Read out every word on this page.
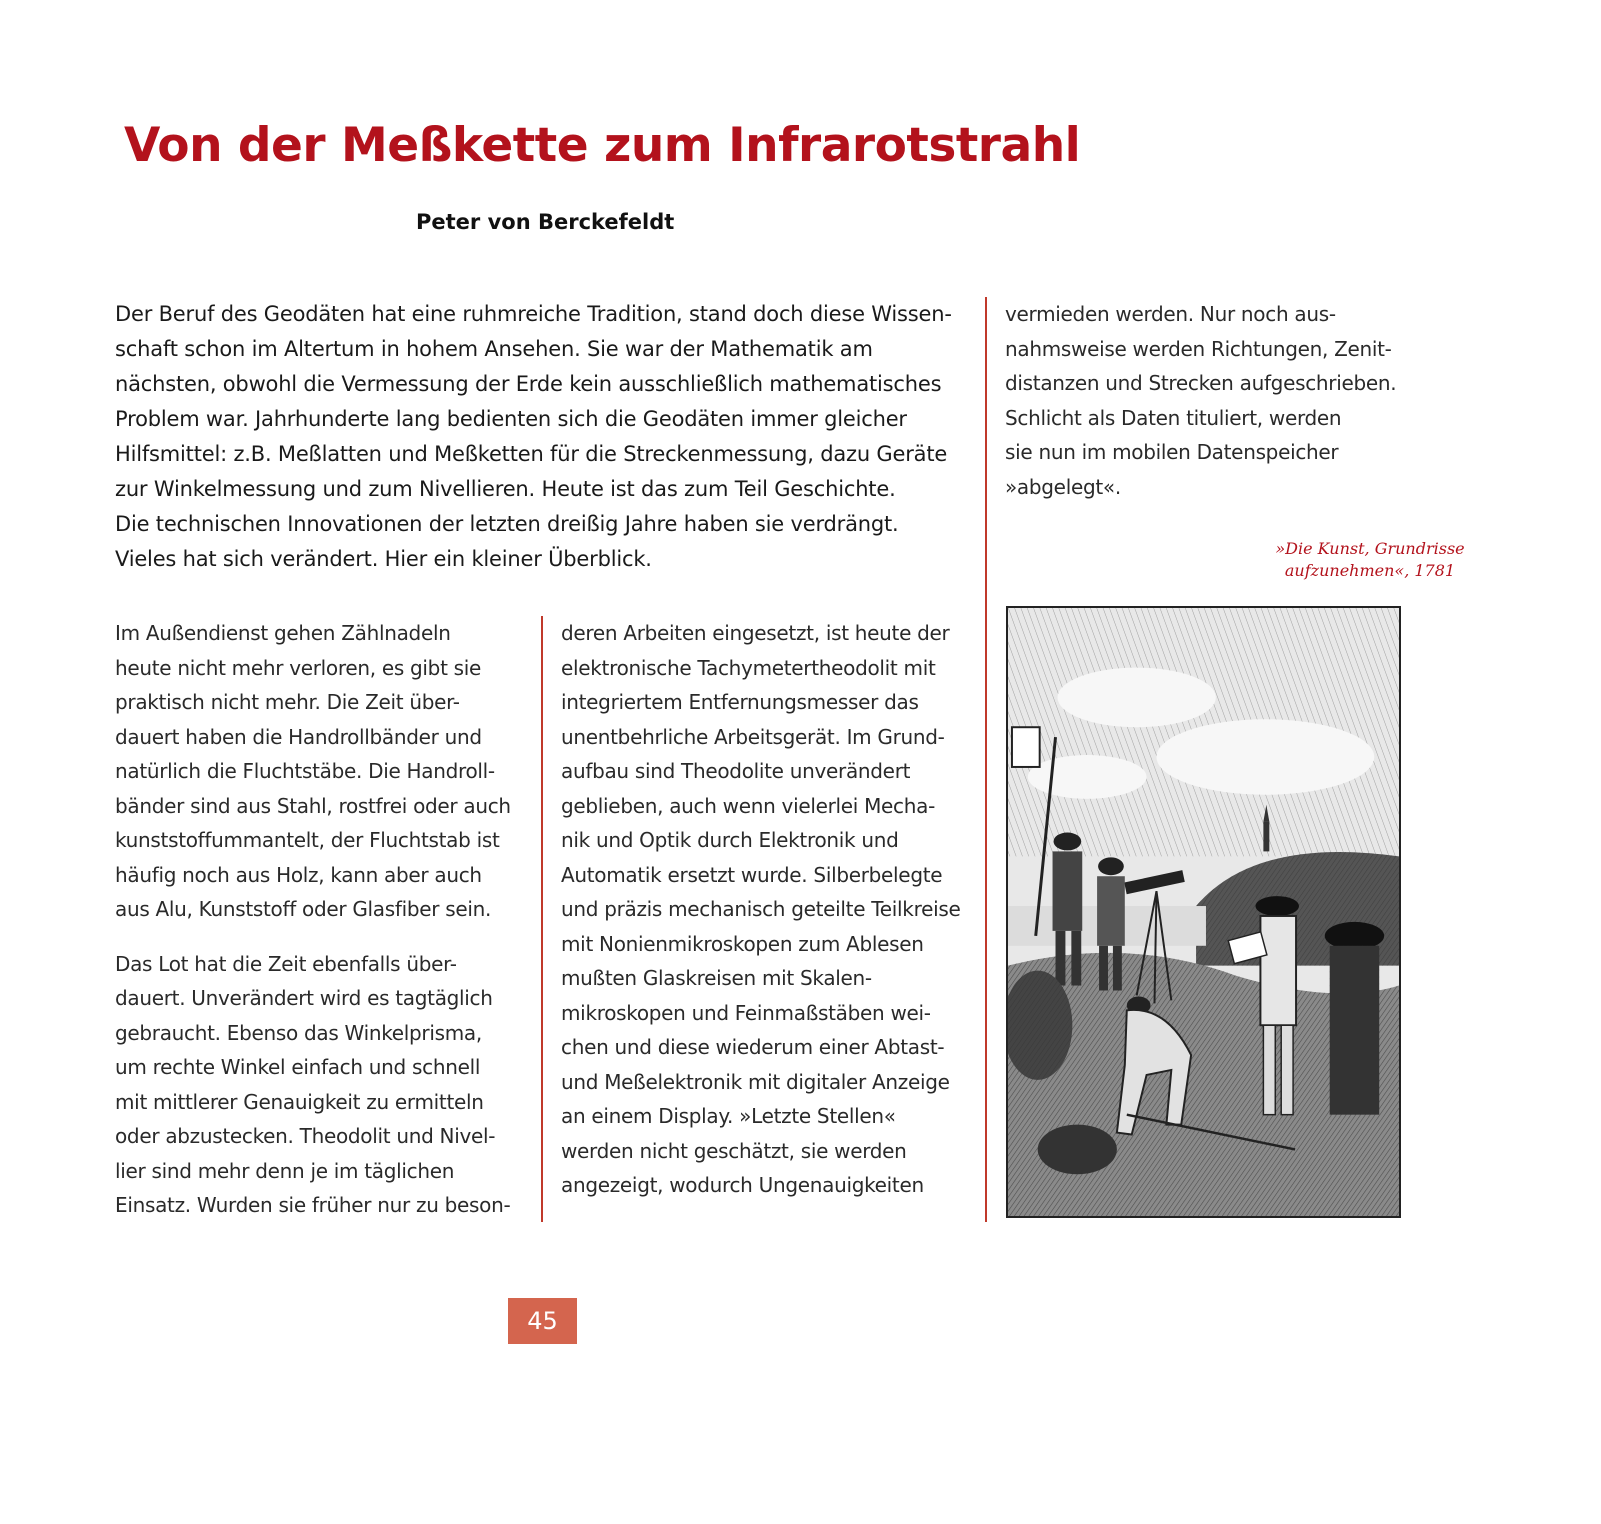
Von der Meßkette zum Infrarotstrahl
Peter von Berckefeldt
Der Beruf des Geodäten hat eine ruhmreiche Tradition, stand doch diese Wissen-
schaft schon im Altertum in hohem Ansehen. Sie war der Mathematik am
nächsten, obwohl die Vermessung der Erde kein ausschließlich mathematisches
Problem war. Jahrhunderte lang bedienten sich die Geodäten immer gleicher
Hilfsmittel: z.B. Meßlatten und Meßketten für die Streckenmessung, dazu Geräte
zur Winkelmessung und zum Nivellieren. Heute ist das zum Teil Geschichte.
Die technischen Innovationen der letzten dreißig Jahre haben sie verdrängt.
Vieles hat sich verändert. Hier ein kleiner Überblick.

Im Außendienst gehen Zählnadeln
heute nicht mehr verloren, es gibt sie
praktisch nicht mehr. Die Zeit über-
dauert haben die Handrollbänder und
natürlich die Fluchtstäbe. Die Handroll-
bänder sind aus Stahl, rostfrei oder auch
kunststoffummantelt, der Fluchtstab ist
häufig noch aus Holz, kann aber auch
aus Alu, Kunststoff oder Glasfiber sein.

Das Lot hat die Zeit ebenfalls über-
dauert. Unverändert wird es tagtäglich
gebraucht. Ebenso das Winkelprisma,
um rechte Winkel einfach und schnell
mit mittlerer Genauigkeit zu ermitteln
oder abzustecken. Theodolit und Nivel-
lier sind mehr denn je im täglichen
Einsatz. Wurden sie früher nur zu beson-

deren Arbeiten eingesetzt, ist heute der
elektronische Tachymetertheodolit mit
integriertem Entfernungsmesser das
unentbehrliche Arbeitsgerät. Im Grund-
aufbau sind Theodolite unverändert
geblieben, auch wenn vielerlei Mecha-
nik und Optik durch Elektronik und
Automatik ersetzt wurde. Silberbelegte
und präzis mechanisch geteilte Teilkreise
mit Nonienmikroskopen zum Ablesen
mußten Glaskreisen mit Skalen-
mikroskopen und Feinmaßstäben wei-
chen und diese wiederum einer Abtast-
und Meßelektronik mit digitaler Anzeige
an einem Display. »Letzte Stellen«
werden nicht geschätzt, sie werden
angezeigt, wodurch Ungenauigkeiten

vermieden werden. Nur noch aus-
nahmsweise werden Richtungen, Zenit-
distanzen und Strecken aufgeschrieben.
Schlicht als Daten tituliert, werden
sie nun im mobilen Datenspeicher
»abgelegt«.

»Die Kunst, Grundrisse
aufzunehmen«, 1781
45
